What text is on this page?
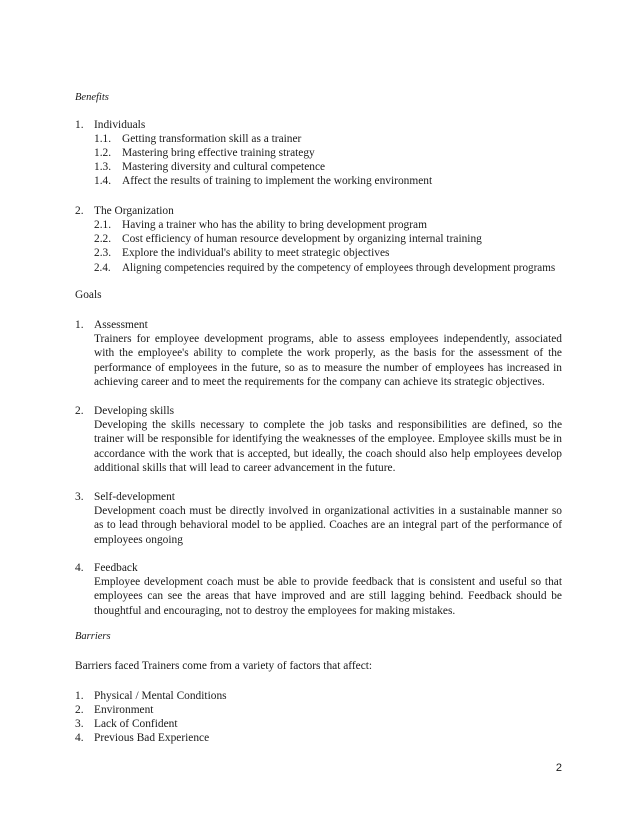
Benefits
1. Individuals
1.1. Getting transformation skill as a trainer
1.2. Mastering bring effective training strategy
1.3. Mastering diversity and cultural competence
1.4. Affect the results of training to implement the working environment
2. The Organization
2.1. Having a trainer who has the ability to bring development program
2.2. Cost efficiency of human resource development by organizing internal training
2.3. Explore the individual's ability to meet strategic objectives
2.4. Aligning competencies required by the competency of employees through development programs
Goals
1. Assessment
Trainers for employee development programs, able to assess employees independently, associated with the employee's ability to complete the work properly, as the basis for the assessment of the performance of employees in the future, so as to measure the number of employees has increased in achieving career and to meet the requirements for the company can achieve its strategic objectives.
2. Developing skills
Developing the skills necessary to complete the job tasks and responsibilities are defined, so the trainer will be responsible for identifying the weaknesses of the employee. Employee skills must be in accordance with the work that is accepted, but ideally, the coach should also help employees develop additional skills that will lead to career advancement in the future.
3. Self-development
Development coach must be directly involved in organizational activities in a sustainable manner so as to lead through behavioral model to be applied. Coaches are an integral part of the performance of employees ongoing
4. Feedback
Employee development coach must be able to provide feedback that is consistent and useful so that employees can see the areas that have improved and are still lagging behind. Feedback should be thoughtful and encouraging, not to destroy the employees for making mistakes.
Barriers
Barriers faced Trainers come from a variety of factors that affect:
1. Physical / Mental Conditions
2. Environment
3. Lack of Confident
4. Previous Bad Experience
2
